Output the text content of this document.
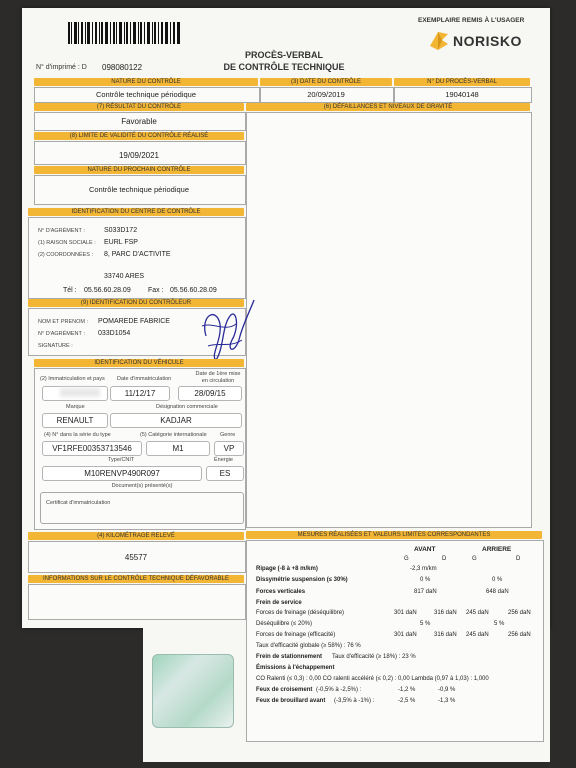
EXEMPLAIRE REMIS À L'USAGER
NORISKO
PROCÈS-VERBAL
DE CONTRÔLE TECHNIQUE
N° d'imprimé : D 098080122
NATURE DU CONTRÔLE
Contrôle technique périodique
(3) DATE DU CONTRÔLE
20/09/2019
N° DU PROCÈS-VERBAL
19040148
(7) RÉSULTAT DU CONTRÔLE
Favorable
(8) LIMITE DE VALIDITÉ DU CONTRÔLE RÉALISÉ
19/09/2021
NATURE DU PROCHAIN CONTRÔLE
Contrôle technique périodique
(6) DÉFAILLANCES ET NIVEAUX DE GRAVITÉ
IDENTIFICATION DU CENTRE DE CONTRÔLE
N° D'AGRÉMENT :	S033D172
(1) RAISON SOCIALE : EURL FSP
(2) COORDONNÉES : 8, PARC D'ACTIVITE
33740 ARES
Tél : 05.56.60.28.09 Fax : 05.56.60.28.09
(9) IDENTIFICATION DU CONTRÔLEUR
NOM ET PRENOM : POMAREDE FABRICE
N° D'AGRÉMENT : 033D1054
SIGNATURE :
IDENTIFICATION DU VÉHICULE
(2) Immatriculation et pays Date d'immatriculation
Date de 1ère mise en circulation
11/12/17	28/09/15
Marque	Désignation commerciale
RENAULT	KADJAR
(4) N° dans la série du type	(5) Catégorie internationale Genre
VF1RFE00353713546	M1	VP
Type/CNIT	Énergie
M10RENVP490R097	ES
Document(s) présenté(s)
Certificat d'immatriculation
(4) KILOMÉTRAGE RELEVÉ
45577
INFORMATIONS SUR LE CONTRÔLE TECHNIQUE DÉFAVORABLE
MESURES RÉALISÉES ET VALEURS LIMITES CORRESPONDANTES
AVANT	ARRIERE
G	D	G	D
Ripage (-8 à +8 m/km)	-2,3 m/km
Dissymétrie suspension (≤ 30%)	0 %	0 %
Forces verticales	817 daN	648 daN
Frein de service
Forces de freinage (déséquilibre)	301 daN	316 daN 245 daN	256 daN
Déséquilibre (≤ 20%)	5 %	5 %
Forces de freinage (efficacité)	301 daN	316 daN 245 daN	256 daN
Taux d'efficacité globale (≥ 58%) : 76 %
Frein de stationnement Taux d'efficacité (≥ 18%) : 23 %
Émissions à l'échappement
CO Ralenti (≤ 0,3) : 0,00 CO ralenti accéléré (≤ 0,2) : 0,00 Lambda (0,97 à 1,03) : 1,000
Feux de croisement (-0,5% à -2,5%) :	-1,2 %	-0,9 %
Feux de brouillard avant (-3,5% à -1%) :	-2,5 %	-1,3 %
